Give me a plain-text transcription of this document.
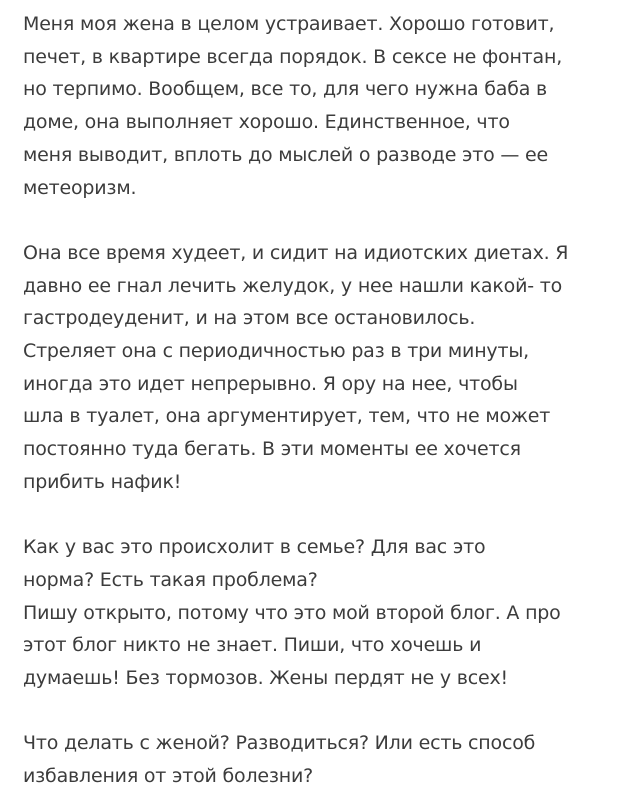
Меня моя жена в целом устраивает. Хорошо готовит,
печет, в квартире всегда порядок. В сексе не фонтан,
но терпимо. Вообщем, все то, для чего нужна баба в
доме, она выполняет хорошо. Единственное, что
меня выводит, вплоть до мыслей о разводе это — ее
метеоризм.

Она все время худеет, и сидит на идиотских диетах. Я
давно ее гнал лечить желудок, у нее нашли какой- то
гастродеуденит, и на этом все остановилось.
Стреляет она с периодичностью раз в три минуты,
иногда это идет непрерывно. Я ору на нее, чтобы
шла в туалет, она аргументирует, тем, что не может
постоянно туда бегать. В эти моменты ее хочется
прибить нафик!

Как у вас это происхолит в семье? Для вас это
норма? Есть такая проблема?
Пишу открыто, потому что это мой второй блог. А про
этот блог никто не знает. Пиши, что хочешь и
думаешь! Без тормозов. Жены пердят не у всех!

Что делать с женой? Разводиться? Или есть способ
избавления от этой болезни?
